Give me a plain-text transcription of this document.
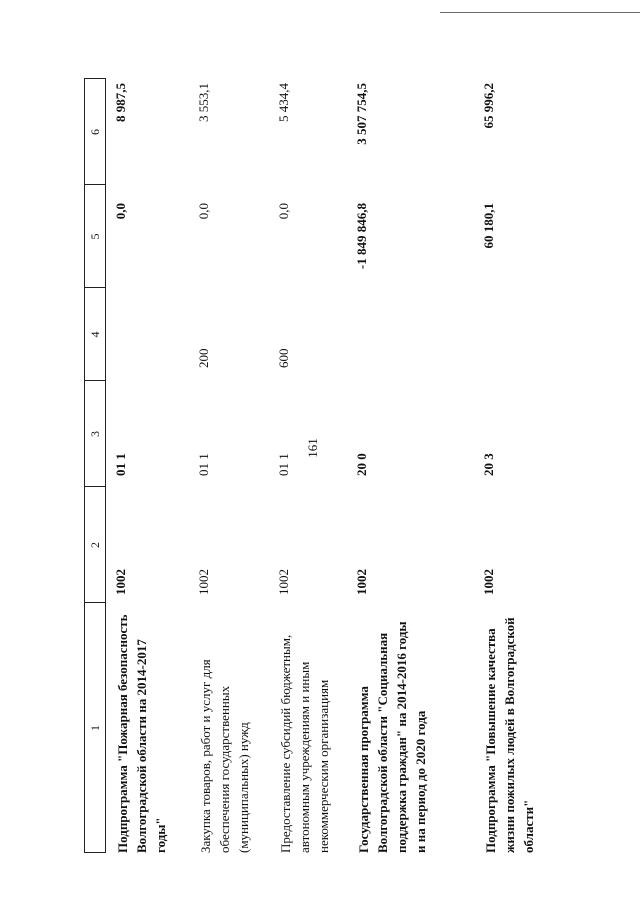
161
1
2
3
4
5
6
Подпрограмма "Пожарная безопасность Волгоградской области на 2014-2017 годы"
1002
01 1
0,0
8 987,5
Закупка товаров, работ и услуг для обеспечения государственных (муниципальных) нужд
1002
01 1
200
0,0
3 553,1
Предоставление субсидий бюджетным, автономным учреждениям и иным некоммерческим организациям
1002
01 1
600
0,0
5 434,4
Государственная программа Волгоградской области "Социальная поддержка граждан" на 2014-2016 годы и на период до 2020 года
1002
20 0
-1 849 846,8
3 507 754,5
Подпрограмма "Повышение качества жизни пожилых людей в Волгоградской области"
1002
20 3
60 180,1
65 996,2
